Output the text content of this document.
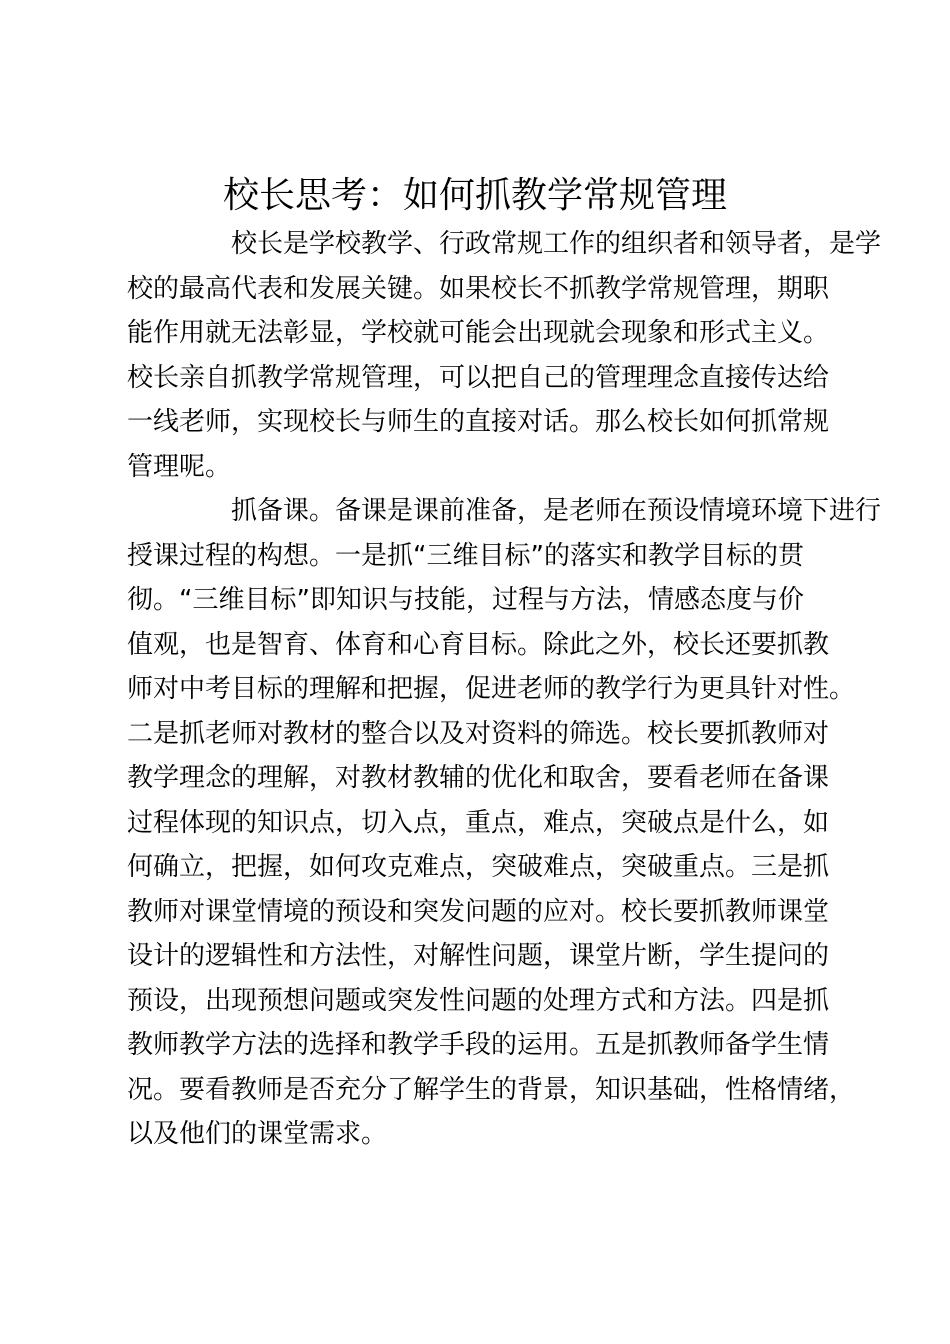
校长思考：如何抓教学常规管理

校长是学校教学、行政常规工作的组织者和领导者，是学
校的最高代表和发展关键。如果校长不抓教学常规管理，期职
能作用就无法彰显，学校就可能会出现就会现象和形式主义。
校长亲自抓教学常规管理，可以把自己的管理理念直接传达给
一线老师，实现校长与师生的直接对话。那么校长如何抓常规
管理呢。

抓备课。备课是课前准备，是老师在预设情境环境下进行
授课过程的构想。一是抓“三维目标”的落实和教学目标的贯
彻。“三维目标”即知识与技能，过程与方法，情感态度与价
值观，也是智育、体育和心育目标。除此之外，校长还要抓教
师对中考目标的理解和把握，促进老师的教学行为更具针对性。
二是抓老师对教材的整合以及对资料的筛选。校长要抓教师对
教学理念的理解，对教材教辅的优化和取舍，要看老师在备课
过程体现的知识点，切入点，重点，难点，突破点是什么，如
何确立，把握，如何攻克难点，突破难点，突破重点。三是抓
教师对课堂情境的预设和突发问题的应对。校长要抓教师课堂
设计的逻辑性和方法性，对解性问题，课堂片断，学生提问的
预设，出现预想问题或突发性问题的处理方式和方法。四是抓
教师教学方法的选择和教学手段的运用。五是抓教师备学生情
况。要看教师是否充分了解学生的背景，知识基础，性格情绪，
以及他们的课堂需求。
